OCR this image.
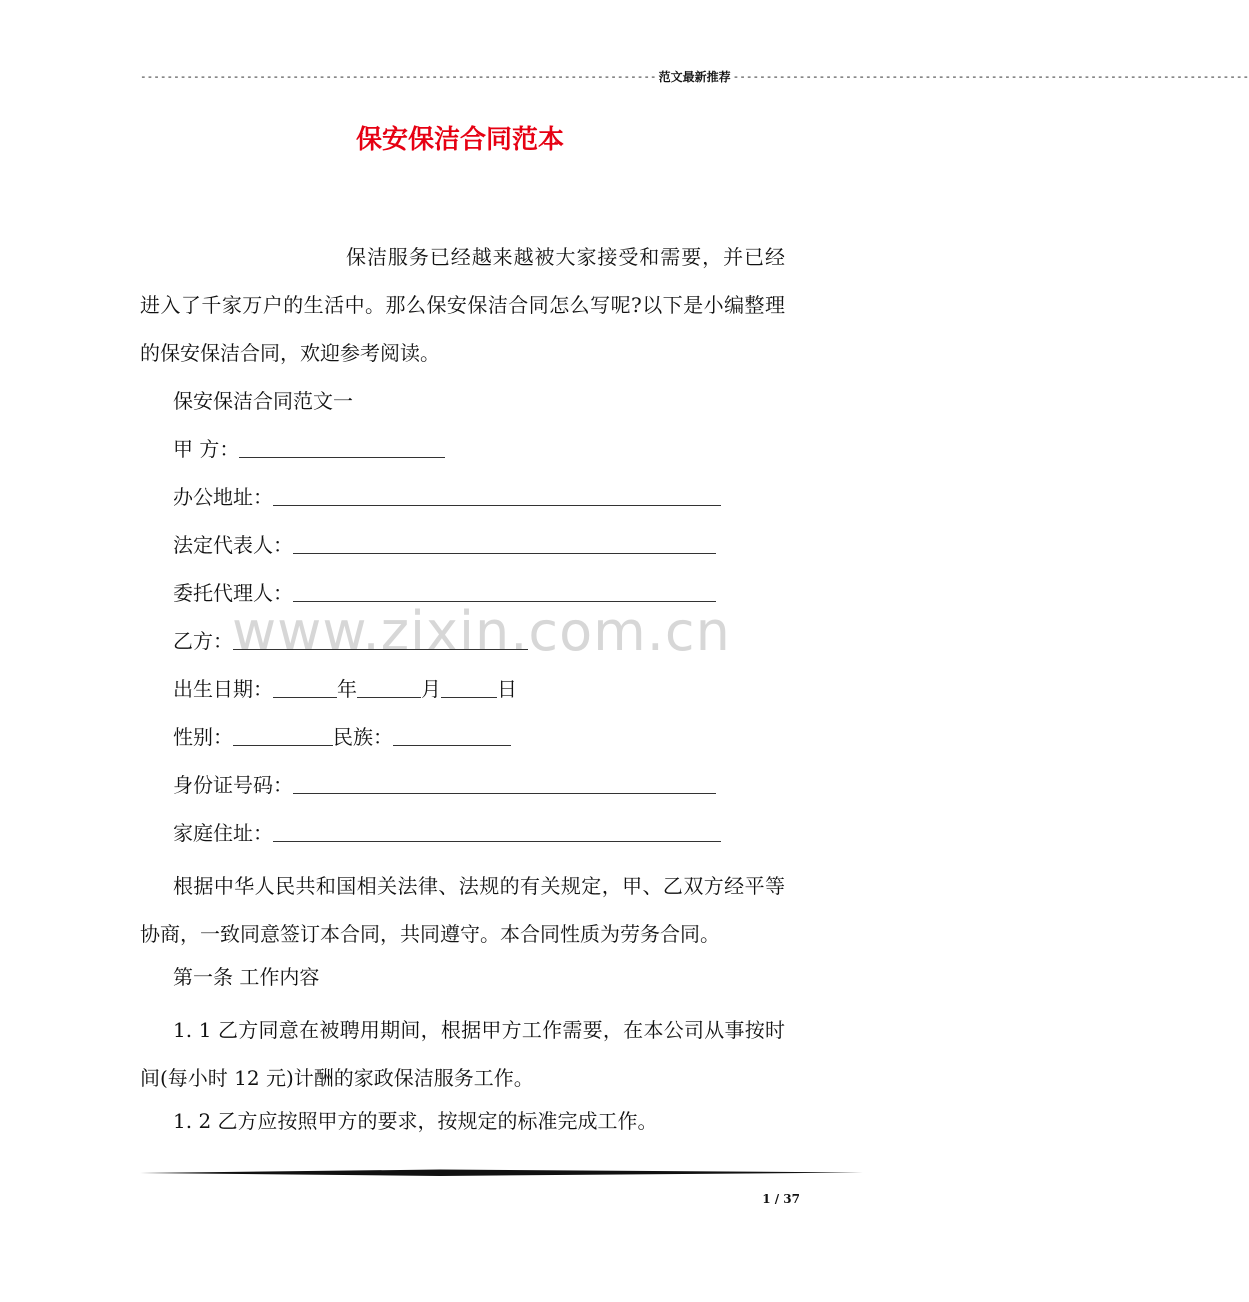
------------------------------------------------------------------------------ 范文最新推荐 ------------------------------------------------------------------------------
保安保洁合同范本
www.zixin.com.cn
保洁服务已经越来越被大家接受和需要，并已经进入了千家万户的生活中。那么保安保洁合同怎么写呢?以下是小编整理的保安保洁合同，欢迎参考阅读。
保安保洁合同范文一
甲 方：
办公地址：
法定代表人：
委托代理人：
乙方：
出生日期：	年	月	日
性别：	民族：
身份证号码：
家庭住址：
根据中华人民共和国相关法律、法规的有关规定，甲、乙双方经平等协商，一致同意签订本合同，共同遵守。本合同性质为劳务合同。
第一条 工作内容
1. 1 乙方同意在被聘用期间，根据甲方工作需要，在本公司从事按时间(每小时 12 元)计酬的家政保洁服务工作。
1. 2 乙方应按照甲方的要求，按规定的标准完成工作。
1 / 37
